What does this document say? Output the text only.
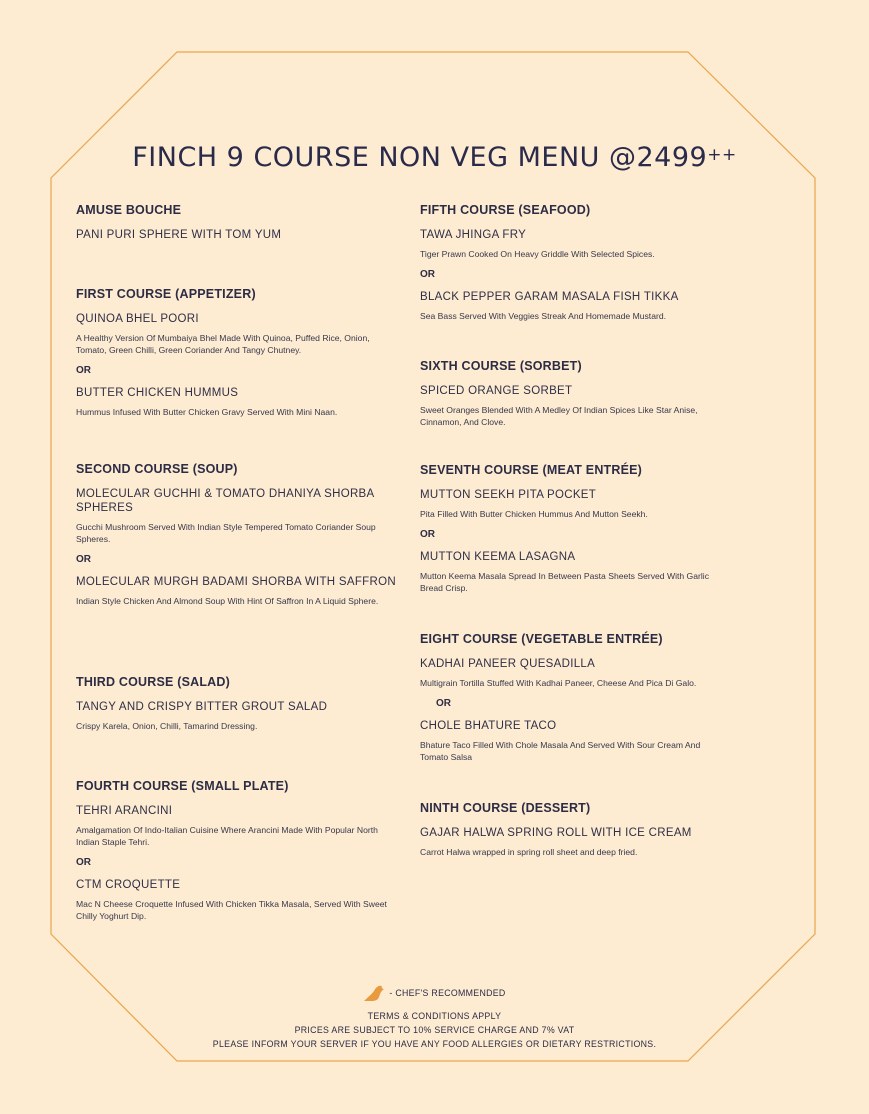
FINCH 9 COURSE NON VEG MENU @2499++
AMUSE BOUCHE
PANI PURI SPHERE WITH TOM YUM
FIRST COURSE (APPETIZER)
QUINOA BHEL POORI
A Healthy Version Of Mumbaiya Bhel Made With Quinoa, Puffed Rice, Onion, Tomato, Green Chilli, Green Coriander And Tangy Chutney.
OR
BUTTER CHICKEN HUMMUS
Hummus Infused With Butter Chicken Gravy Served With Mini Naan.
SECOND COURSE (SOUP)
MOLECULAR GUCHHI & TOMATO DHANIYA SHORBA SPHERES
Gucchi Mushroom Served With Indian Style Tempered Tomato Coriander Soup Spheres.
OR
MOLECULAR MURGH BADAMI SHORBA WITH SAFFRON
Indian Style Chicken And Almond Soup With Hint Of Saffron In A Liquid Sphere.
THIRD COURSE (SALAD)
TANGY AND CRISPY BITTER GROUT SALAD
Crispy Karela, Onion, Chilli, Tamarind Dressing.
FOURTH COURSE (SMALL PLATE)
TEHRI ARANCINI
Amalgamation Of Indo-Italian Cuisine Where Arancini Made With Popular North Indian Staple Tehri.
OR
CTM CROQUETTE
Mac N Cheese Croquette Infused With Chicken Tikka Masala, Served With Sweet Chilly Yoghurt Dip.
FIFTH COURSE (SEAFOOD)
TAWA JHINGA FRY
Tiger Prawn Cooked On Heavy Griddle With Selected Spices.
OR
BLACK PEPPER GARAM MASALA FISH TIKKA
Sea Bass Served With Veggies Streak And Homemade Mustard.
SIXTH COURSE (SORBET)
SPICED ORANGE SORBET
Sweet Oranges Blended With A Medley Of Indian Spices Like Star Anise, Cinnamon, And Clove.
SEVENTH COURSE (MEAT ENTRÉE)
MUTTON SEEKH PITA POCKET
Pita Filled With Butter Chicken Hummus And Mutton Seekh.
OR
MUTTON KEEMA LASAGNA
Mutton Keema Masala Spread In Between Pasta Sheets Served With Garlic Bread Crisp.
EIGHT COURSE (VEGETABLE ENTRÉE)
KADHAI PANEER QUESADILLA
Multigrain Tortilla Stuffed With Kadhai Paneer, Cheese And Pica Di Galo.
OR
CHOLE BHATURE TACO
Bhature Taco Filled With Chole Masala And Served With Sour Cream And Tomato Salsa
NINTH COURSE (DESSERT)
GAJAR HALWA SPRING ROLL WITH ICE CREAM
Carrot Halwa wrapped in spring roll sheet and deep fried.
- CHEF'S RECOMMENDED
TERMS & CONDITIONS APPLY
PRICES ARE SUBJECT TO 10% SERVICE CHARGE AND 7% VAT
PLEASE INFORM YOUR SERVER IF YOU HAVE ANY FOOD ALLERGIES OR DIETARY RESTRICTIONS.
